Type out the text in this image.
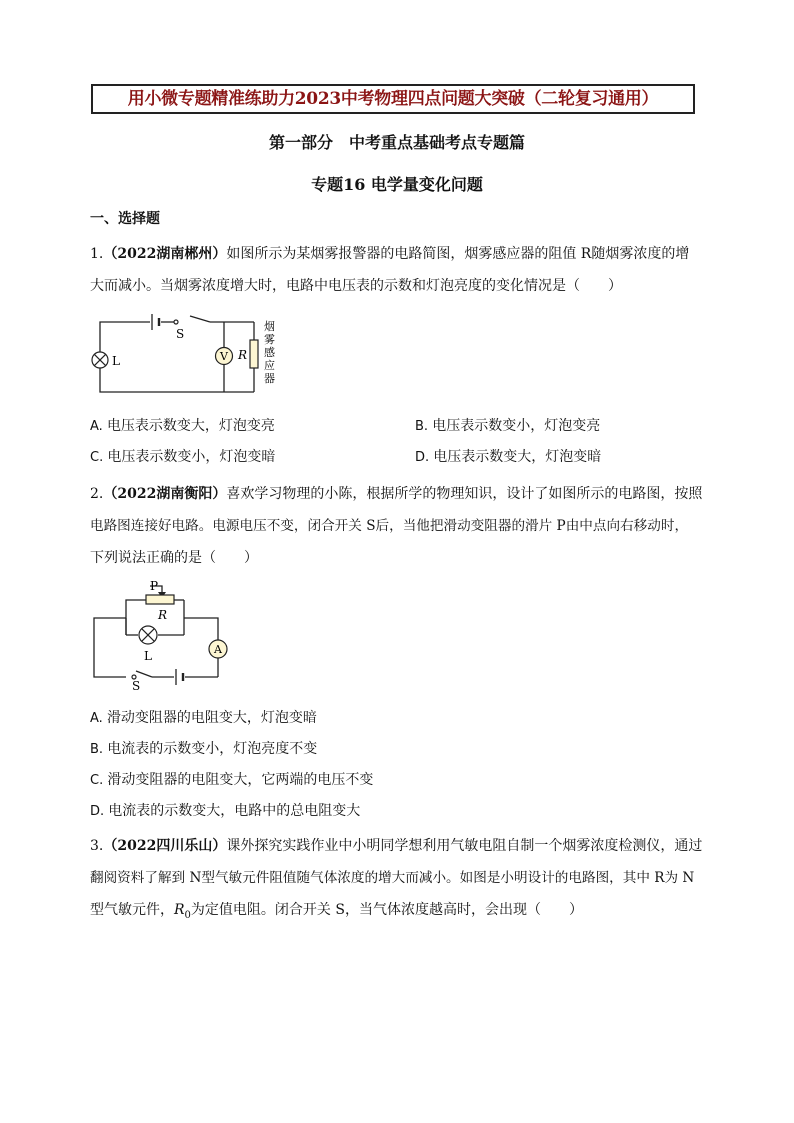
用小微专题精准练助力2023中考物理四点问题大突破（二轮复习通用）
第一部分　中考重点基础考点专题篇
专题16 电学量变化问题
一、选择题
1.（2022湖南郴州）如图所示为某烟雾报警器的电路简图，烟雾感应器的阻值 R随烟雾浓度的增
大而减小。当烟雾浓度增大时，电路中电压表的示数和灯泡亮度的变化情况是（　　）
S
L	V R
烟
雾
感
应
器
A. 电压表示数变大，灯泡变亮	B. 电压表示数变小，灯泡变亮
C. 电压表示数变小，灯泡变暗	D. 电压表示数变大，灯泡变暗
2.（2022湖南衡阳）喜欢学习物理的小陈，根据所学的物理知识，设计了如图所示的电路图，按照
电路图连接好电路。电源电压不变，闭合开关 S后，当他把滑动变阻器的滑片 P由中点向右移动时，
下列说法正确的是（　　）
P
R
L	A
S
A. 滑动变阻器的电阻变大，灯泡变暗
B. 电流表的示数变小，灯泡亮度不变
C. 滑动变阻器的电阻变大，它两端的电压不变
D. 电流表的示数变大，电路中的总电阻变大
3.（2022四川乐山）课外探究实践作业中小明同学想利用气敏电阻自制一个烟雾浓度检测仪，通过
翻阅资料了解到 N型气敏元件阻值随气体浓度的增大而减小。如图是小明设计的电路图，其中 R为 N
型气敏元件，$R_0$为定值电阻。闭合开关 S，当气体浓度越高时，会出现（　　）
